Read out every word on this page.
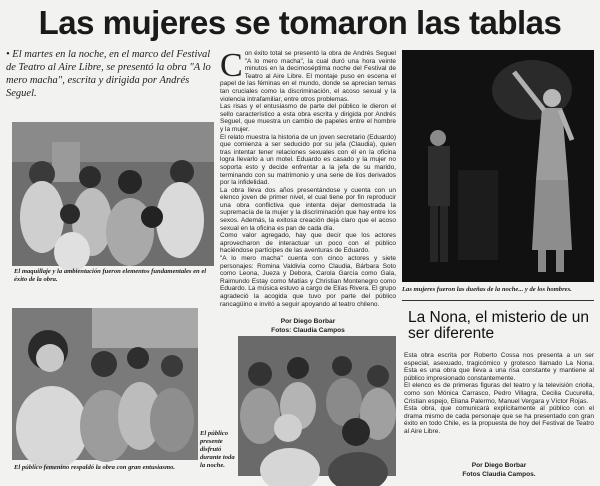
Las mujeres se tomaron las tablas
• El martes en la noche, en el marco del Festival de Teatro al Aire Libre, se presentó la obra "A lo mero macha", escrita y dirigida por Andrés Seguel.
El maquillaje y la ambientación fueron elementos fundamentales en el éxito de la obra.
C on éxito total se presentó la obra de Andrés Seguel "A lo mero macha", la cual duró una hora veinte minutos en la decimoséptima noche del Festival de Teatro al Aire Libre. El montaje puso en escena el papel de las féminas en el mundo, donde se aprecian temas tan cruciales como la discriminación, el acoso sexual y la violencia intrafamiliar, entre otros problemas.

Las risas y el entusiasmo de parte del público le dieron el sello característico a esta obra escrita y dirigida por Andrés Seguel, que muestra un cambio de papeles entre el hombre y la mujer.

El relato muestra la historia de un joven secretario (Eduardo) que comienza a ser seducido por su jefa (Claudia), quien tras intentar tener relaciones sexuales con él en la oficina logra llevarlo a un motel. Eduardo es casado y la mujer no soporta esto y decide enfrentar a la jefa de su marido, terminando con su matrimonio y una serie de líos derivados por la infidelidad.

La obra lleva dos años presentándose y cuenta con un elenco joven de primer nivel, el cual tiene por fin reproducir una obra conflictiva que intenta dejar demostrada la supremacía de la mujer y la discriminación que hay entre los sexos. Además, la exitosa creación deja claro que el acoso sexual en la oficina es pan de cada día.

Como valor agregado, hay que decir que los actores aprovecharon de interactuar un poco con el público haciéndose partícipes de las aventuras de Eduardo.

"A lo mero macha" cuenta con cinco actores y siete personajes: Romina Valdivia como Claudia, Bárbara Soto como Leona, Jueza y Debora, Carola García como Gala, Raimundo Estay como Matías y Christian Montenegro como Eduardo. La música estuvo a cargo de Elías Rivera. El grupo agradeció la acogida que tuvo por parte del público rancagüino e invitó a seguir apoyando al teatro chileno.

Por Diego Borbar
Fotos: Claudia Campos
Las mujeres fueron las dueñas de la noche... y de los hombres.
La Nona, el misterio de un ser diferente

Esta obra escrita por Roberto Cossa nos presenta a un ser especial, asexuado, tragicómico y grotesco llamado La Nona. Esta es una obra que lleva a una risa constante y mantiene al público impresionado constantemente.

El elenco es de primeras figuras del teatro y la televisión criolla, como son Mónica Carrasco, Pedro Villagra, Cecilia Cucurella, Cristian espejo, Eliana Palermo, Manuel Vergara y Víctor Rojas.

Esta obra, que comunicará explícitamente al público con el drama mismo de cada personaje que se ha presentado con gran éxito en todo Chile, es la propuesta de hoy del Festival de Teatro al Aire Libre.

Por Diego Borbar
Fotos Claudia Campos.
El público femenino respaldó la obra con gran entusiasmo.
El público presente disfrutó durante toda la noche.
